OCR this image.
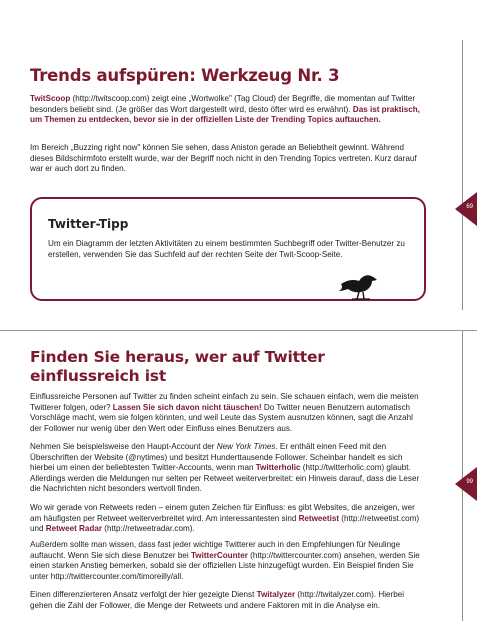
69
Trends aufspüren: Werkzeug Nr. 3

TwitScoop (http://twitscoop.com) zeigt eine „Wortwolke" (Tag Cloud) der Begriffe, die momentan auf Twitter besonders beliebt sind. (Je größer das Wort dargestellt wird, desto öfter wird es erwähnt). Das ist praktisch, um Themen zu entdecken, bevor sie in der offiziellen Liste der Trending Topics auftauchen.

Im Bereich „Buzzing right now" können Sie sehen, dass Aniston gerade an Beliebtheit gewinnt. Während dieses Bildschirmfoto erstellt wurde, war der Begriff noch nicht in den Trending Topics vertreten. Kurz darauf war er auch dort zu finden.

Twitter-Tipp

Um ein Diagramm der letzten Aktivitäten zu einem bestimmten Suchbegriff oder Twitter-Benutzer zu erstellen, verwenden Sie das Suchfeld auf der rechten Seite der Twit-Scoop-Seite.

99
Finden Sie heraus, wer auf Twitter einflussreich ist

Einflussreiche Personen auf Twitter zu finden scheint einfach zu sein. Sie schauen einfach, wem die meisten Twitterer folgen, oder? Lassen Sie sich davon nicht täuschen! Do Twitter neuen Benutzern automatisch Vorschläge macht, wem sie folgen könnten, und weil Leute das System ausnutzen können, sagt die Anzahl der Follower nur wenig über den Wert oder Einfluss eines Benutzers aus.

Nehmen Sie beispielsweise den Haupt-Account der New York Times. Er enthält einen Feed mit den Überschriften der Website (@nytimes) und besitzt Hunderttausende Follower. Scheinbar handelt es sich hierbei um einen der beliebtesten Twitter-Accounts, wenn man Twitterholic (http://twitterholic.com) glaubt. Allerdings werden die Meldungen nur selten per Retweet weiterverbreitet: ein Hinweis darauf, dass die Leser die Nachrichten nicht besonders wertvoll finden.

Wo wir gerade von Retweets reden – einem guten Zeichen für Einfluss: es gibt Websites, die anzeigen, wer am häufigsten per Retweet weiterverbreitet wird. Am interessantesten sind Retweetist (http://retweetist.com) und Retweet Radar (http://retweetradar.com).

Außerdem sollte man wissen, dass fast jeder wichtige Twitterer auch in den Empfehlungen für Neulinge auftaucht. Wenn Sie sich diese Benutzer bei TwitterCounter (http://twittercounter.com) ansehen, werden Sie einen starken Anstieg bemerken, sobald sie der offiziellen Liste hinzugefügt wurden. Ein Beispiel finden Sie unter http://twittercounter.com/timoreilly/all.

Einen differenzierteren Ansatz verfolgt der hier gezeigte Dienst Twitalyzer (http://twitalyzer.com). Hierbei gehen die Zahl der Follower, die Menge der Retweets und andere Faktoren mit in die Analyse ein.
